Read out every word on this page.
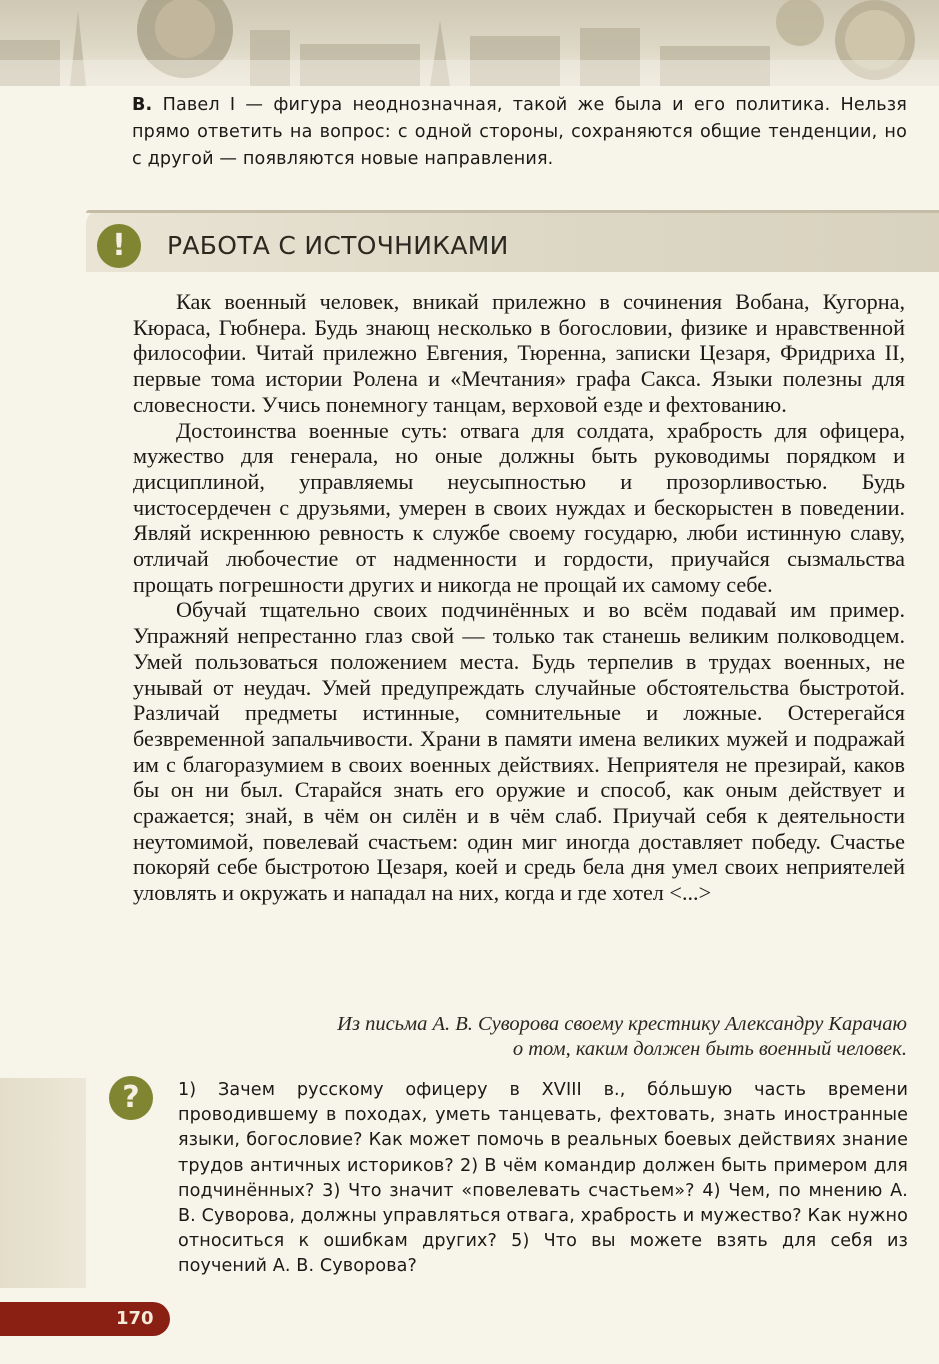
В. Павел I — фигура неоднозначная, такой же была и его политика. Нельзя прямо ответить на вопрос: с одной стороны, сохраняются общие тенденции, но с другой — появляются новые направления.

!	РАБОТА С ИСТОЧНИКАМИ

Как военный человек, вникай прилежно в сочинения Вобана, Кугорна, Кюраса, Гюбнера. Будь знающ несколько в богословии, физике и нравственной философии. Читай прилежно Евгения, Тюренна, записки Цезаря, Фридриха II, первые тома истории Ролена и «Мечтания» графа Сакса. Языки полезны для словесности. Учись понемногу танцам, верховой езде и фехтованию.

Достоинства военные суть: отвага для солдата, храбрость для офицера, мужество для генерала, но оные должны быть руководимы порядком и дисциплиной, управляемы неусыпностью и прозорливостью. Будь чистосердечен с друзьями, умерен в своих нуждах и бескорыстен в поведении. Являй искреннюю ревность к службе своему государю, люби истинную славу, отличай любочестие от надменности и гордости, приучайся сызмальства прощать погрешности других и никогда не прощай их самому себе.

Обучай тщательно своих подчинённых и во всём подавай им пример. Упражняй непрестанно глаз свой — только так станешь великим полководцем. Умей пользоваться положением места. Будь терпелив в трудах военных, не унывай от неудач. Умей предупреждать случайные обстоятельства быстротой. Различай предметы истинные, сомнительные и ложные. Остерегайся безвременной запальчивости. Храни в памяти имена великих мужей и подражай им с благоразумием в своих военных действиях. Неприятеля не презирай, каков бы он ни был. Старайся знать его оружие и способ, как оным действует и сражается; знай, в чём он силён и в чём слаб. Приучай себя к деятельности неутомимой, повелевай счастьем: один миг иногда доставляет победу. Счастье покоряй себе быстротою Цезаря, коей и средь бела дня умел своих неприятелей уловлять и окружать и нападал на них, когда и где хотел <...>

Из письма А. В. Суворова своему крестнику Александру Карачаю
о том, каким должен быть военный человек.
?	1) Зачем русскому офицеру в XVIII в., бóльшую часть времени проводившему в походах, уметь танцевать, фехтовать, знать иностранные языки, богословие? Как может помочь в реальных боевых действиях знание трудов античных историков? 2) В чём командир должен быть примером для подчинённых? 3) Что значит «повелевать счастьем»? 4) Чем, по мнению А. В. Суворова, должны управляться отвага, храбрость и мужество? Как нужно относиться к ошибкам других? 5) Что вы можете взять для себя из поучений А. В. Суворова?

170
